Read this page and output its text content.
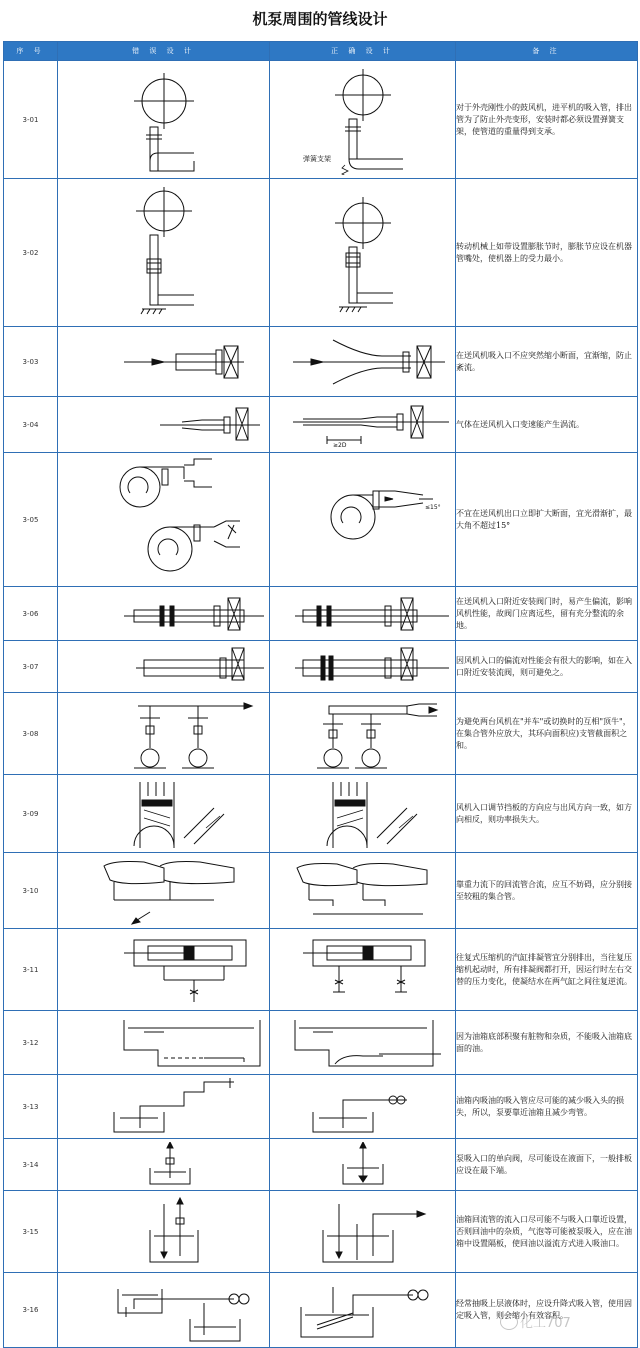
机泵周围的管线设计
序 号	错 误 设 计	正 确 设 计	备 注
3-01		弹簧支架	对于外壳刚性小的鼓风机，进平机的吸入管，排出管为了防止外壳变形，安装时都必须设置弹簧支架，使管道的重量得到支承。
3-02			转动机械上如带设置膨胀节时，膨胀节应设在机器管嘴处，使机器上的受力最小。
3-03			在送风机吸入口不应突然缩小断面，宜渐缩，防止紊流。
3-04		≥2D	气体在送风机入口变速能产生涡流。
3-05		≤15°	不宜在送风机出口立即扩大断面，宜光滑渐扩，最大角不超过15°
3-06			在送风机入口附近安装阀门时，易产生偏流，影响风机性能，故阀门应离远些，留有充分整流的余地。
3-07			因风机入口的偏流对性能会有很大的影响，如在入口附近安装流阀，则可避免之。
3-08			为避免两台风机在"并车"或切换时的互相"顶牛"，在集合管外应放大，其环向面积应)支管截面积之和。
3-09			风机入口调节挡板的方向应与出风方向一致，如方向相反，则功率损失大。
3-10			靠重力流下的回流管合流，应互不妨碍，应分别接至较粗的集合管。
3-11			往复式压缩机的汽缸排凝管宜分别排出，当往复压缩机起动时，所有排凝阀都打开，因运行时左右交替的压力变化，使凝结水在两气缸之间往复逆流。
3-12			因为油箱底部积聚有脏物和杂质，不能吸入油箱底面的油。
3-13			油箱内吸油的吸入管应尽可能的减少吸入头的损失，所以，泵要靠近油箱且减少弯管。
3-14			泵吸入口的单向阀，尽可能设在液面下，一般排板应设在最下端。
3-15			油箱回流管的流入口尽可能不与吸入口靠近设置，否则回油中的杂质，气泡等可能被泵吸入，应在油箱中设置隔板，使回油以溢流方式进入吸油口。
3-16			经常抽吸上层液体时，应设升降式吸入管，使用固定吸入管，则会缩小有效容积。
化工707
